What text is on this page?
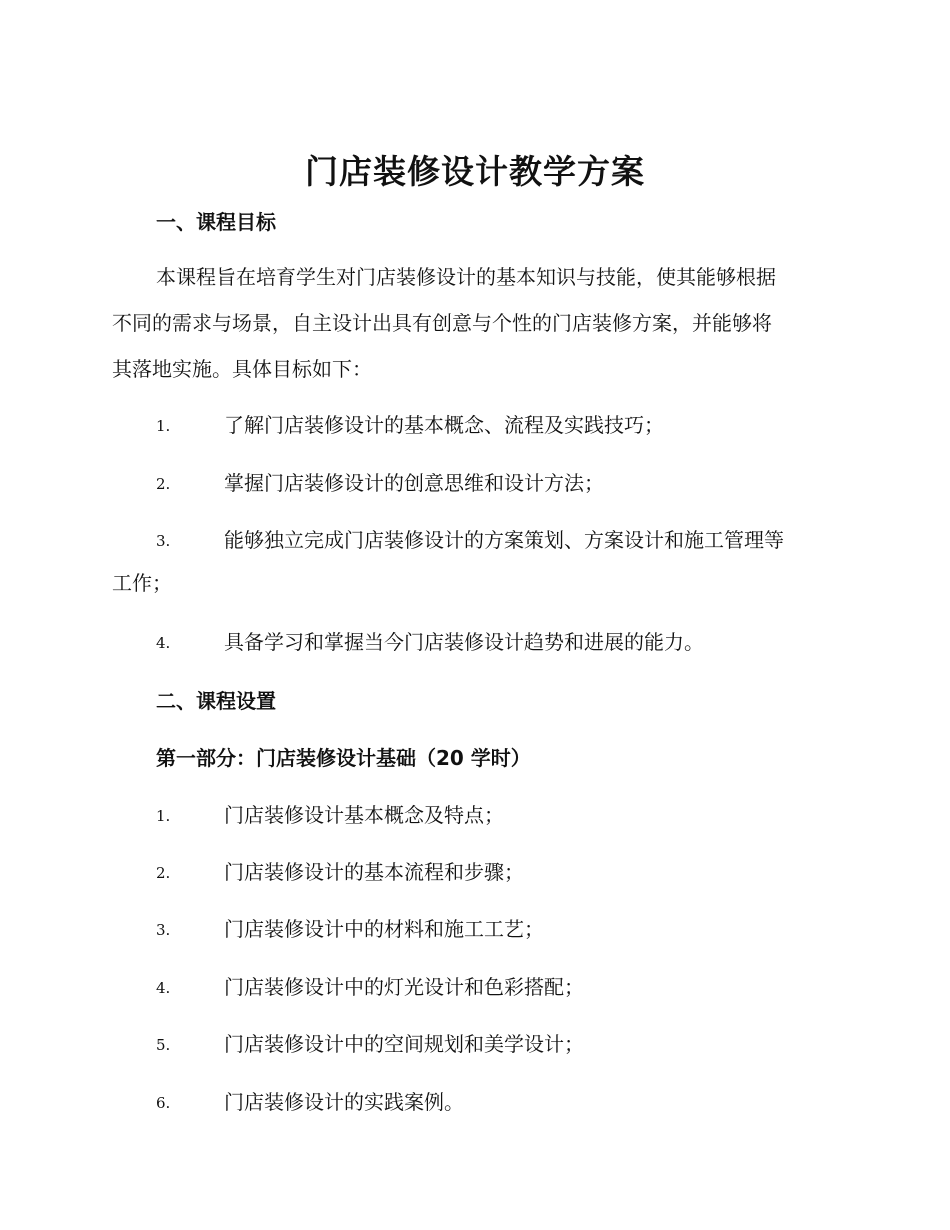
门店装修设计教学方案
一、课程目标

本课程旨在培育学生对门店装修设计的基本知识与技能，使其能够根据
不同的需求与场景，自主设计出具有创意与个性的门店装修方案，并能够将
其落地实施。具体目标如下：

1.	了解门店装修设计的基本概念、流程及实践技巧；
2.	掌握门店装修设计的创意思维和设计方法；
3.	能够独立完成门店装修设计的方案策划、方案设计和施工管理等
工作；
4.	具备学习和掌握当今门店装修设计趋势和进展的能力。
二、课程设置
第一部分：门店装修设计基础（20 学时）
1.	门店装修设计基本概念及特点；
2.	门店装修设计的基本流程和步骤；
3.	门店装修设计中的材料和施工工艺；
4.	门店装修设计中的灯光设计和色彩搭配；
5.	门店装修设计中的空间规划和美学设计；
6.	门店装修设计的实践案例。
